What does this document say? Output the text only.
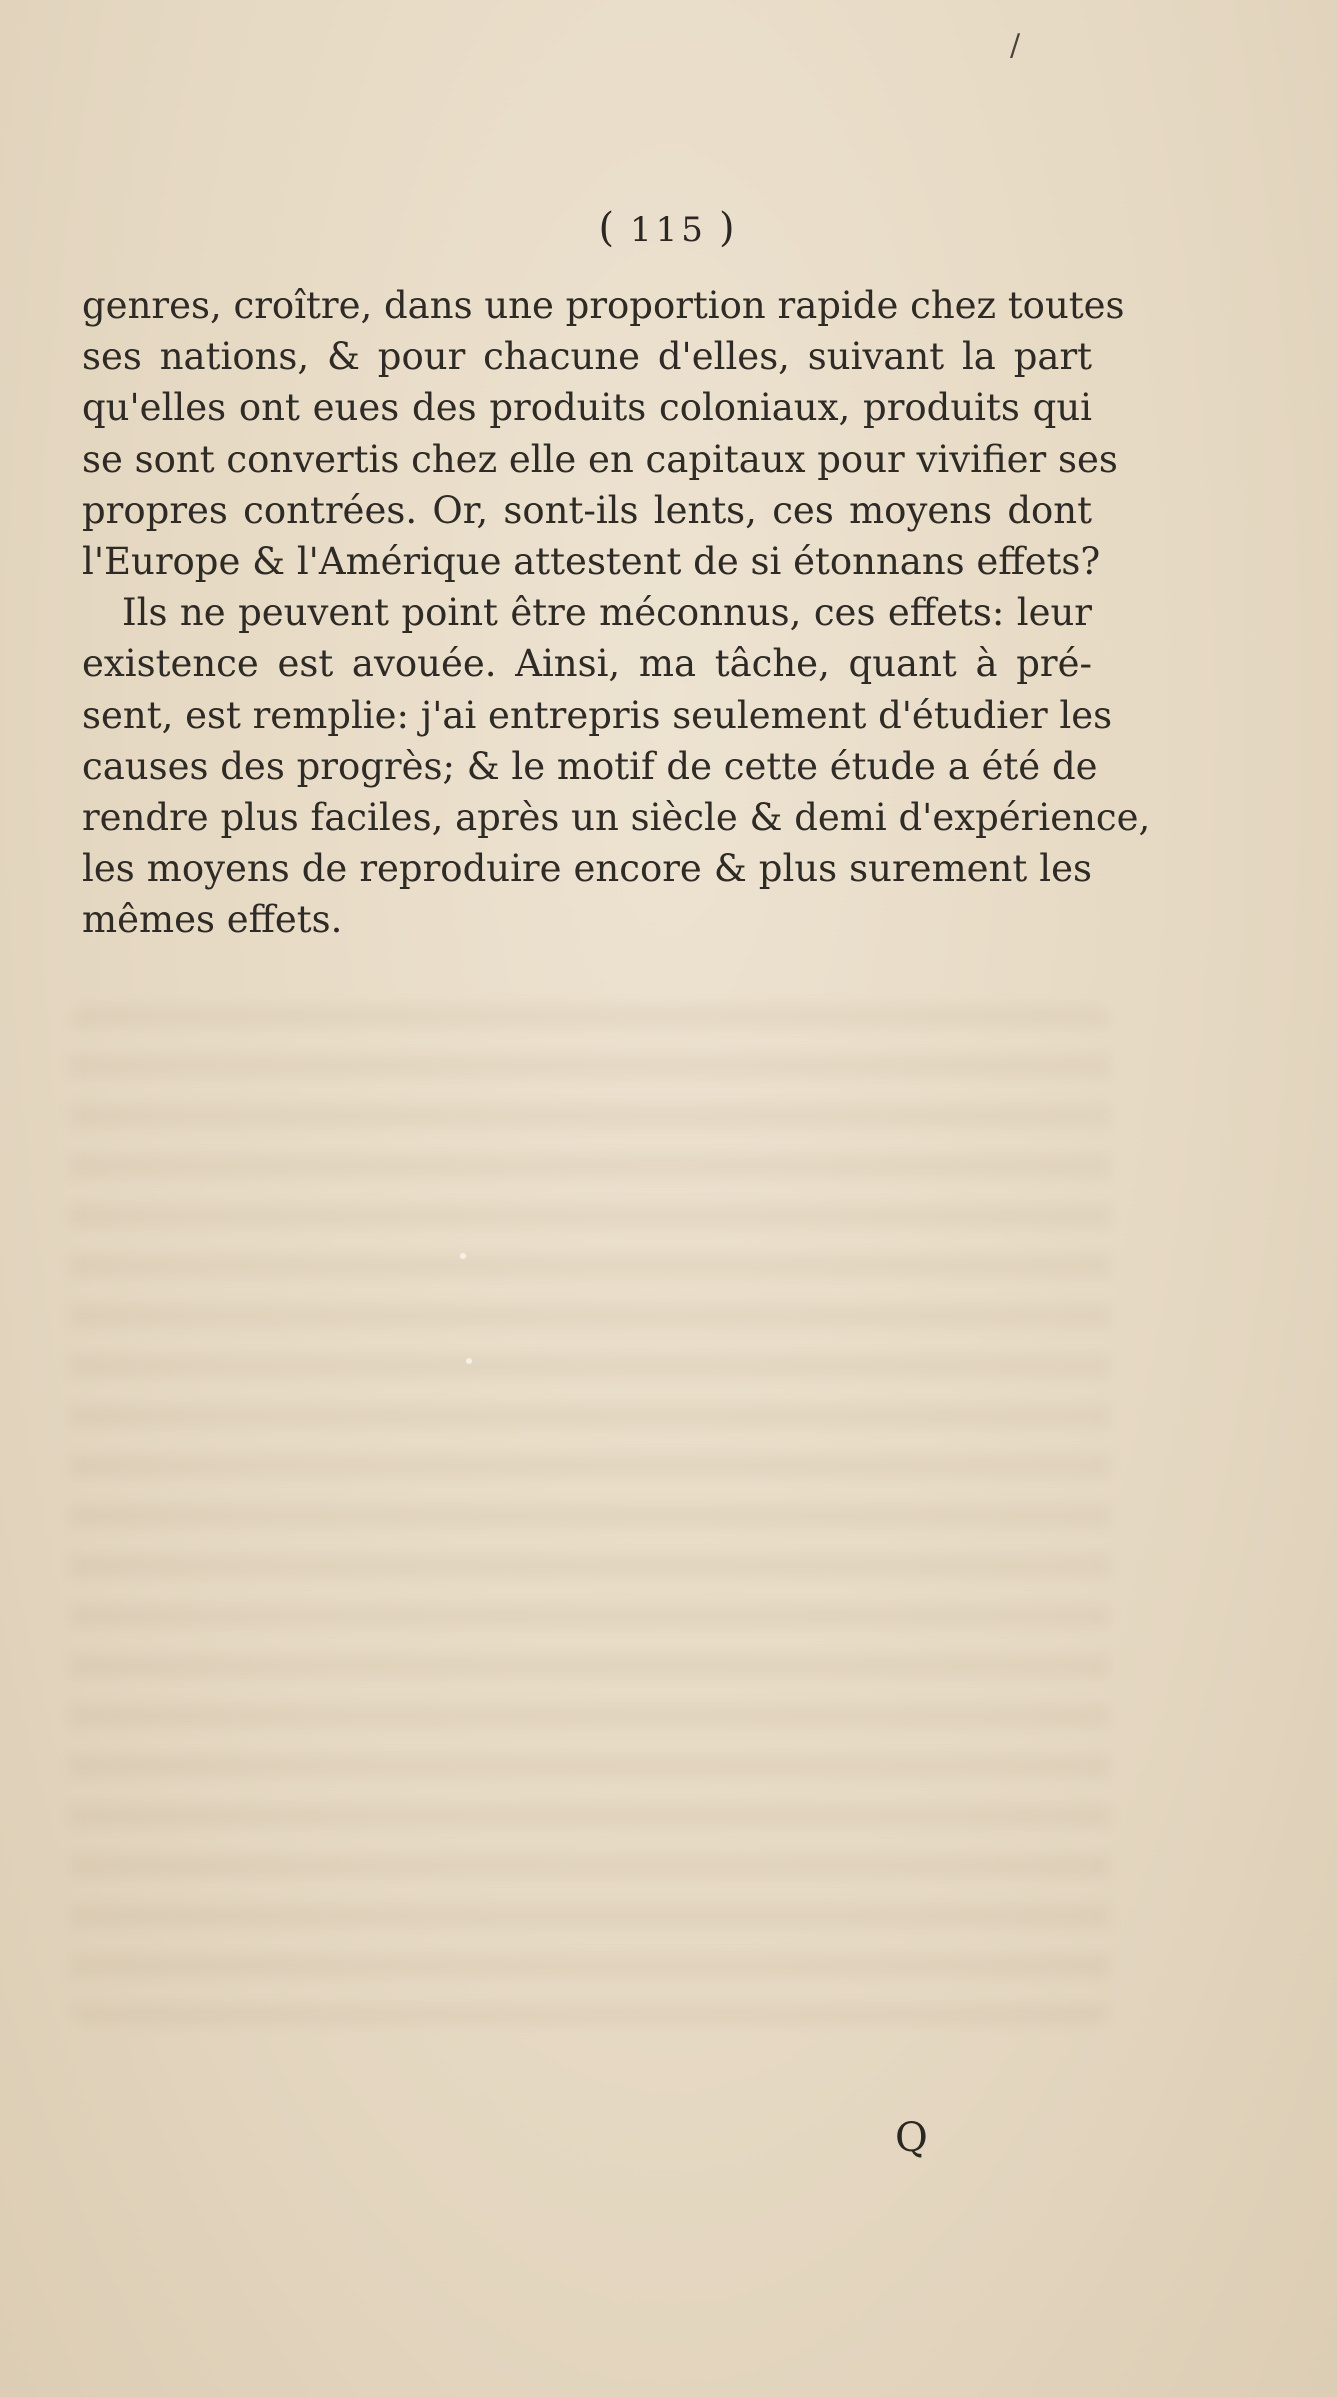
/
( 115 )
genres, croître, dans une proportion rapide chez toutes
ses nations, & pour chacune d'elles, suivant la part
qu'elles ont eues des produits coloniaux, produits qui
se sont convertis chez elle en capitaux pour vivifier ses
propres contrées. Or, sont-ils lents, ces moyens dont
l'Europe & l'Amérique attestent de si étonnans effets?
Ils ne peuvent point être méconnus, ces effets: leur
existence est avouée. Ainsi, ma tâche, quant à pré-
sent, est remplie: j'ai entrepris seulement d'étudier les
causes des progrès; & le motif de cette étude a été de
rendre plus faciles, après un siècle & demi d'expérience,
les moyens de reproduire encore & plus surement les
mêmes effets.
Q
